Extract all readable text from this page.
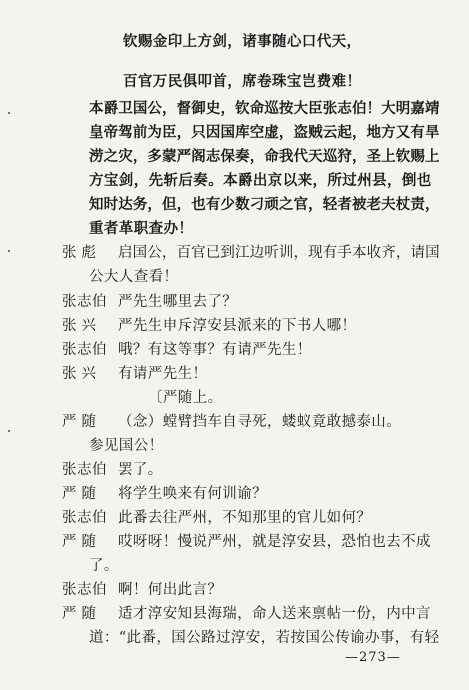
钦赐金印上方剑，诸事随心口代天，
百官万民俱叩首，席卷珠宝岂费难！
本爵卫国公，督御史，钦命巡按大臣张志伯！大明嘉靖
皇帝驾前为臣，只因国库空虚，盗贼云起，地方又有旱
涝之灾，多蒙严阁志保奏，命我代天巡狩，圣上钦赐上
方宝剑，先斩后奏。本爵出京以来，所过州县，倒也
知时达务，但，也有少数刁顽之官，轻者被老夫杖责，
重者革职查办！
张彪 启国公，百官已到江边听训，现有手本收齐，请国
公大人查看！
张志伯 严先生哪里去了？
张兴 严先生申斥淳安县派来的下书人哪！
张志伯 哦？有这等事？有请严先生！
张兴 有请严先生！
〔严随上。
严随 （念）螳臂挡车自寻死，蝼蚁竟敢撼泰山。
参见国公！
张志伯 罢了。
严随 将学生唤来有何训谕？
张志伯 此番去往严州，不知那里的官儿如何？
严随 哎呀呀！慢说严州，就是淳安县，恐怕也去不成
了。
张志伯 啊！何出此言？
严随 适才淳安知县海瑞，命人送来禀帖一份，内中言
道：“此番，国公路过淳安，若按国公传谕办事，有轻
—273—
